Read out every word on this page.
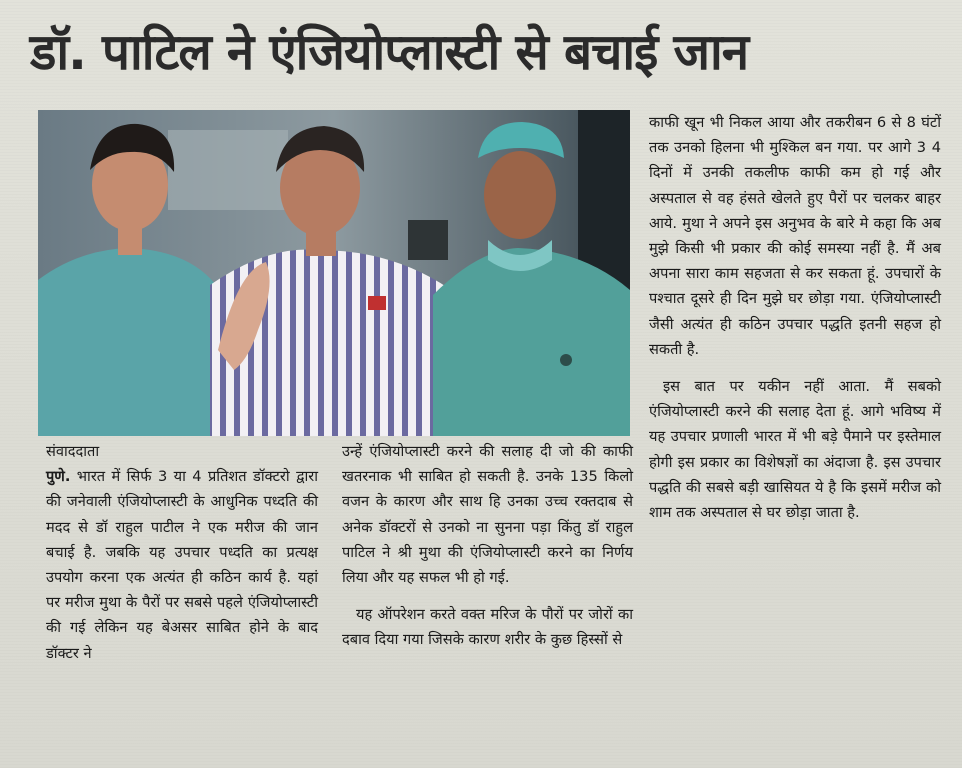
डॉ. पाटिल ने एंजियोप्लास्टी से बचाई जान

काफी खून भी निकल आया और तकरीबन 6 से 8 घंटों तक उनको हिलना भी मुश्किल बन गया. पर आगे 3 4 दिनों में उनकी तकलीफ काफी कम हो गई और अस्पताल से वह हंसते खेलते हुए पैरों पर चलकर बाहर आये. मुथा ने अपने इस अनुभव के बारे मे कहा कि अब मुझे किसी भी प्रकार की कोई समस्या नहीं है. मैं अब अपना सारा काम सहजता से कर सकता हूं. उपचारों के पश्चात दूसरे ही दिन मुझे घर छोड़ा गया. एंजियोप्लास्टी जैसी अत्यंत ही कठिन उपचार पद्धति इतनी सहज हो सकती है.

इस बात पर यकीन नहीं आता. मैं सबको एंजियोप्लास्टी करने की सलाह देता हूं. आगे भविष्य में यह उपचार प्रणाली भारत में भी बड़े पैमाने पर इस्तेमाल होगी इस प्रकार का विशेषज्ञों का अंदाजा है. इस उपचार पद्धति की सबसे बड़ी खासियत ये है कि इसमें मरीज को शाम तक अस्पताल से घर छोड़ा जाता है.

संवाददाता

पुणे. भारत में सिर्फ 3 या 4 प्रतिशत डॉक्टरो द्वारा की जनेवाली एंजियोप्लास्टी के आधुनिक पध्दति की मदद से डॉ राहुल पाटील ने एक मरीज की जान बचाई है. जबकि यह उपचार पध्दति का प्रत्यक्ष उपयोग करना एक अत्यंत ही कठिन कार्य है. यहां पर मरीज मुथा के पैरों पर सबसे पहले एंजियोप्लास्टी की गई लेकिन यह बेअसर साबित होने के बाद डॉक्टर ने

उन्हें एंजियोप्लास्टी करने की सलाह दी जो की काफी खतरनाक भी साबित हो सकती है. उनके 135 किलो वजन के कारण और साथ हि उनका उच्च रक्तदाब से अनेक डॉक्टरों से उनको ना सुनना पड़ा किंतु डॉ राहुल पाटिल ने श्री मुथा की एंजियोप्लास्टी करने का निर्णय लिया और यह सफल भी हो गई.

यह ऑपरेशन करते वक्त मरिज के पौरों पर जोरों का दबाव दिया गया जिसके कारण शरीर के कुछ हिस्सों से
